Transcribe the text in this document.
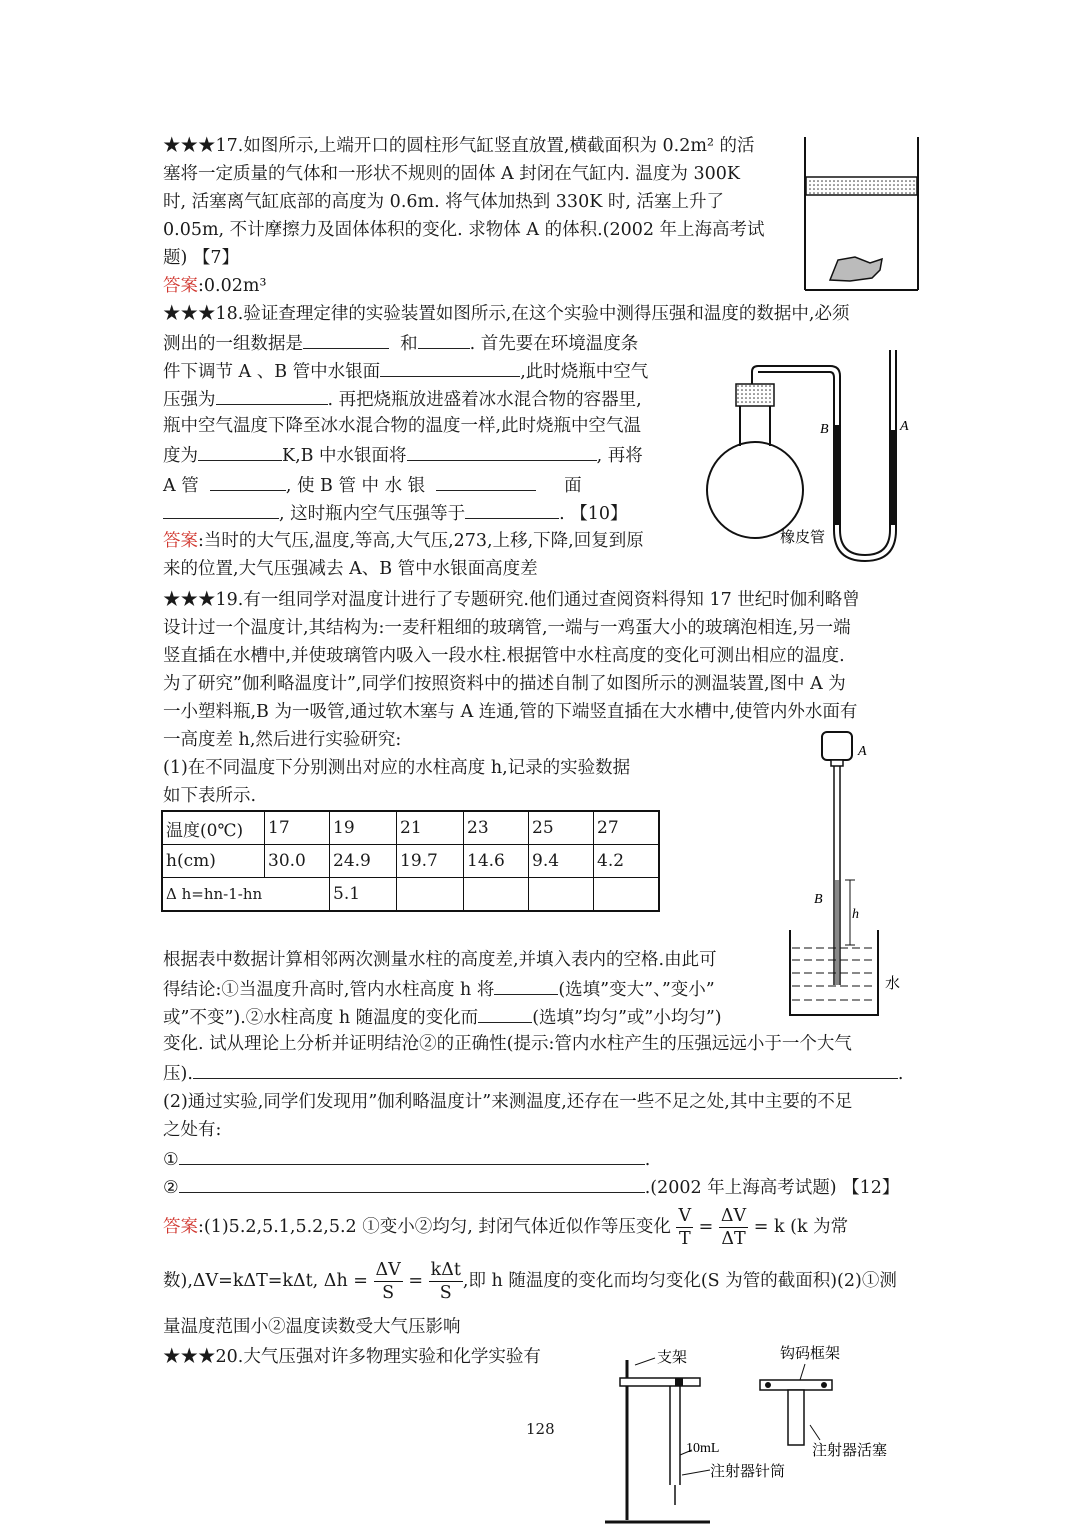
★★★17.如图所示,上端开口的圆柱形气缸竖直放置,横截面积为 0.2m² 的活
塞将一定质量的气体和一形状不规则的固体 A 封闭在气缸内. 温度为 300K
时, 活塞离气缸底部的高度为 0.6m. 将气体加热到 330K 时, 活塞上升了
0.05m, 不计摩擦力及固体体积的变化. 求物体 A 的体积.(2002 年上海高考试
题) 【7】
答案:0.02m³
★★★18.验证查理定律的实验装置如图所示,在这个实验中测得压强和温度的数据中,必须
测出的一组数据是	和	. 首先要在环境温度条
件下调节 A 、B 管中水银面	,此时烧瓶中空气
压强为	. 再把烧瓶放进盛着冰水混合物的容器里,
瓶中空气温度下降至冰水混合物的温度一样,此时烧瓶中空气温
度为	K,B 中水银面将	, 再将
A 管	, 使 B 管 中 水 银	面
, 这时瓶内空气压强等于	. 【10】
答案:当时的大气压,温度,等高,大气压,273,上移,下降,回复到原
来的位置,大气压强减去 A、B 管中水银面高度差
B	A
橡皮管
★★★19.有一组同学对温度计进行了专题研究.他们通过查阅资料得知 17 世纪时伽利略曾
设计过一个温度计,其结构为:一麦秆粗细的玻璃管,一端与一鸡蛋大小的玻璃泡相连,另一端
竖直插在水槽中,并使玻璃管内吸入一段水柱.根据管中水柱高度的变化可测出相应的温度.
为了研究”伽利略温度计”,同学们按照资料中的描述自制了如图所示的测温装置,图中 A 为
一小塑料瓶,B 为一吸管,通过软木塞与 A 连通,管的下端竖直插在大水槽中,使管内外水面有
一高度差 h,然后进行实验研究:
(1)在不同温度下分别测出对应的水柱高度 h,记录的实验数据
如下表所示.
温度(0℃)	17	19	21	23	25	27
h(cm)	30.0	24.9	19.7	14.6	9.4	4.2
Δ h=hn-1-hn		5.1				
A
B
h
水
根据表中数据计算相邻两次测量水柱的高度差,并填入表内的空格.由此可
得结论:①当温度升高时,管内水柱高度 h 将	(选填”变大”、”变小”
或”不变”).②水柱高度 h 随温度的变化而	(选填”均匀”或”小均匀”)
变化. 试从理论上分析并证明结沧②的正确性(提示:管内水柱产生的压强远远小于一个大气
压).	.
(2)通过实验,同学们发现用”伽利略温度计”来测温度,还存在一些不足之处,其中主要的不足
之处有:
①	.
②	.(2002 年上海高考试题) 【12】
答案:(1)5.2,5.1,5.2,5.2 ①变小②均匀, 封闭气体近似作等压变化 $\frac{V}{T} = \frac{\Delta V}{\Delta T} = k$ (k 为常
数),ΔV=kΔT=kΔt, $\Delta h = \frac{\Delta V}{S} = \frac{\text{kΔt}}{S}$ ,即 h 随温度的变化而均匀变化(S 为管的截面积)(2)①测
量温度范围小②温度读数受大气压影响
★★★20.大气压强对许多物理实验和化学实验有	支架
10mL
注射器针筒
钩码框架
注射器活塞
128
